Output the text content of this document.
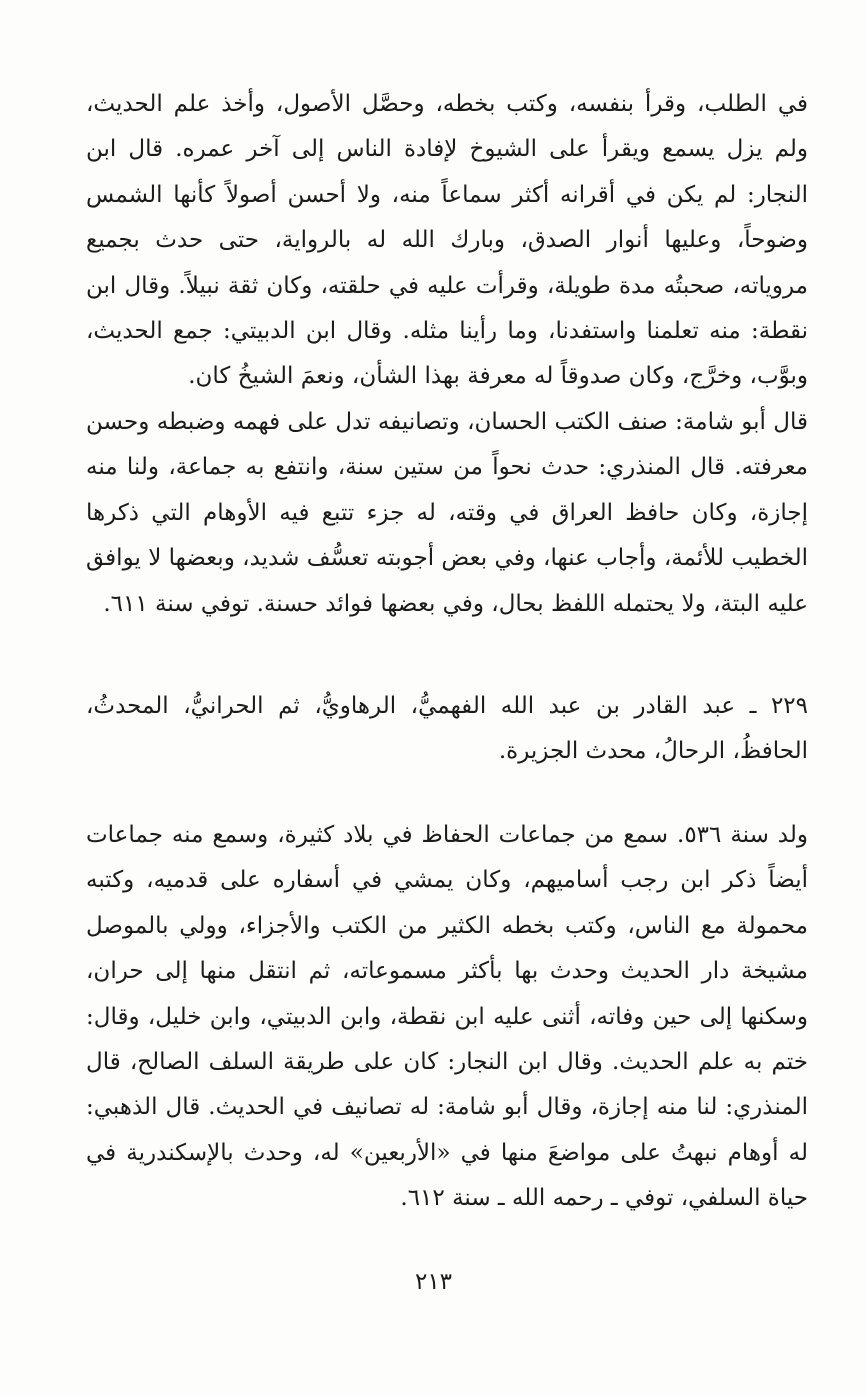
في الطلب، وقرأ بنفسه، وكتب بخطه، وحصَّل الأصول، وأخذ علم الحديث، ولم يزل يسمع ويقرأ على الشيوخ لإفادة الناس إلى آخر عمره. قال ابن النجار: لم يكن في أقرانه أكثر سماعاً منه، ولا أحسن أصولاً كأنها الشمس وضوحاً، وعليها أنوار الصدق، وبارك الله له بالرواية، حتى حدث بجميع مروياته، صحبتُه مدة طويلة، وقرأت عليه في حلقته، وكان ثقة نبيلاً. وقال ابن نقطة: منه تعلمنا واستفدنا، وما رأينا مثله. وقال ابن الدبيتي: جمع الحديث، وبوَّب، وخرَّج، وكان صدوقاً له معرفة بهذا الشأن، ونعمَ الشيخُ كان.

قال أبو شامة: صنف الكتب الحسان، وتصانيفه تدل على فهمه وضبطه وحسن معرفته. قال المنذري: حدث نحواً من ستين سنة، وانتفع به جماعة، ولنا منه إجازة، وكان حافظ العراق في وقته، له جزء تتبع فيه الأوهام التي ذكرها الخطيب للأئمة، وأجاب عنها، وفي بعض أجوبته تعسُّف شديد، وبعضها لا يوافق عليه البتة، ولا يحتمله اللفظ بحال، وفي بعضها فوائد حسنة. توفي سنة ٦١١.

٢٢٩ ـ عبد القادر بن عبد الله الفهميُّ، الرهاويُّ، ثم الحرانيُّ، المحدثُ، الحافظُ، الرحالُ، محدث الجزيرة.

ولد سنة ٥٣٦. سمع من جماعات الحفاظ في بلاد كثيرة، وسمع منه جماعات أيضاً ذكر ابن رجب أساميهم، وكان يمشي في أسفاره على قدميه، وكتبه محمولة مع الناس، وكتب بخطه الكثير من الكتب والأجزاء، وولي بالموصل مشيخة دار الحديث وحدث بها بأكثر مسموعاته، ثم انتقل منها إلى حران، وسكنها إلى حين وفاته، أثنى عليه ابن نقطة، وابن الدبيتي، وابن خليل، وقال: ختم به علم الحديث. وقال ابن النجار: كان على طريقة السلف الصالح، قال المنذري: لنا منه إجازة، وقال أبو شامة: له تصانيف في الحديث. قال الذهبي: له أوهام نبهتُ على مواضعَ منها في «الأربعين» له، وحدث بالإسكندرية في حياة السلفي، توفي ـ رحمه الله ـ سنة ٦١٢.

٢١٣
